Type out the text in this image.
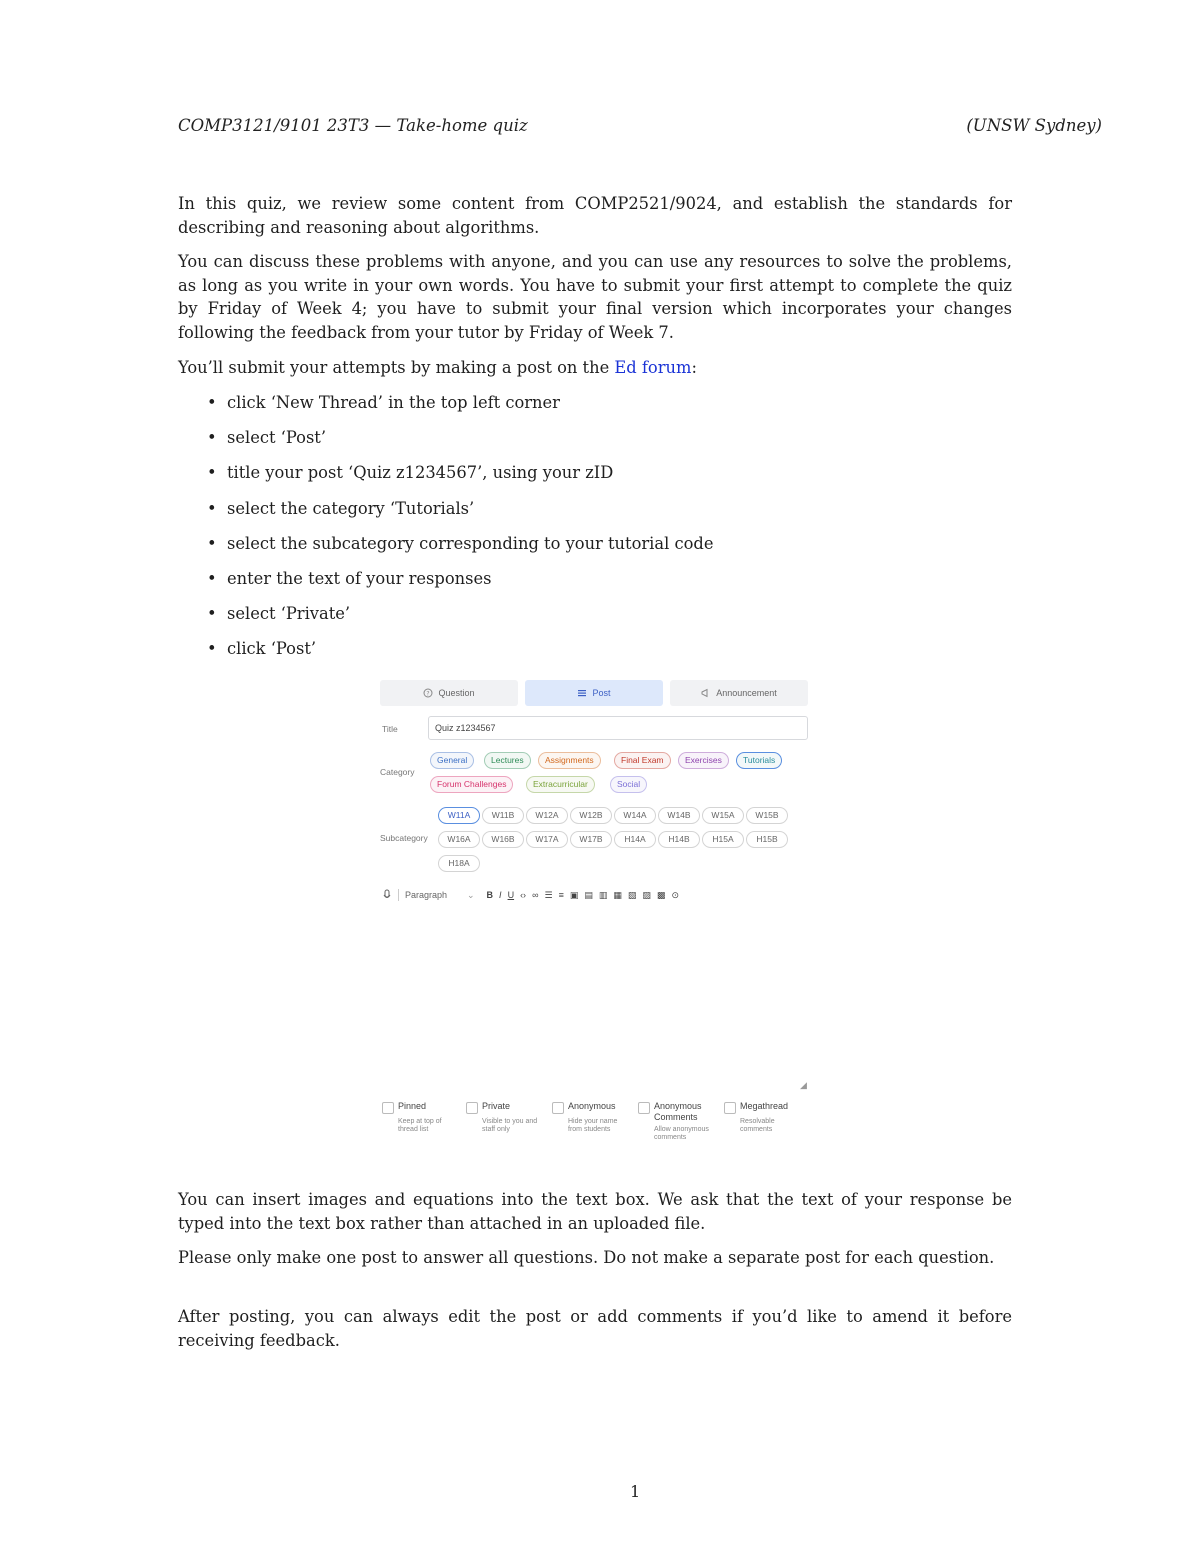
COMP3121/9101 23T3 — Take-home quiz	(UNSW Sydney)
In this quiz, we review some content from COMP2521/9024, and establish the standards for describing and reasoning about algorithms.
You can discuss these problems with anyone, and you can use any resources to solve the problems, as long as you write in your own words. You have to submit your first attempt to complete the quiz by Friday of Week 4; you have to submit your final version which incorporates your changes following the feedback from your tutor by Friday of Week 7.
You’ll submit your attempts by making a post on the Ed forum:
• click ‘New Thread’ in the top left corner
• select ‘Post’
• title your post ‘Quiz z1234567’, using your zID
• select the category ‘Tutorials’
• select the subcategory corresponding to your tutorial code
• enter the text of your responses
• select ‘Private’
• click ‘Post’
? Question	Post	Announcement
Title	Quiz z1234567
Category
General	Lectures	Assignments	Final Exam	Exercises	Tutorials
Forum Challenges	Extracurricular	Social
Subcategory
W11A	W11B	W12A	W12B	W14A	W14B	W15A	W15B
W16A	W16B	W17A	W17B	H14A	H14B	H15A	H15B
H18A
Paragraph	⌄ B I U ‹› ∞ ☰ ≡ ▣ ▤ ▥ ▦ ▧ ▨ ▩ ⊙
◢
Pinned
Keep at top of thread list
Private
Visible to you and staff only
Anonymous
Hide your name from students
Anonymous Comments
Allow anonymous comments
Megathread
Resolvable comments
You can insert images and equations into the text box. We ask that the text of your response be typed into the text box rather than attached in an uploaded file.
Please only make one post to answer all questions. Do not make a separate post for each question.
After posting, you can always edit the post or add comments if you’d like to amend it before receiving feedback.
1
